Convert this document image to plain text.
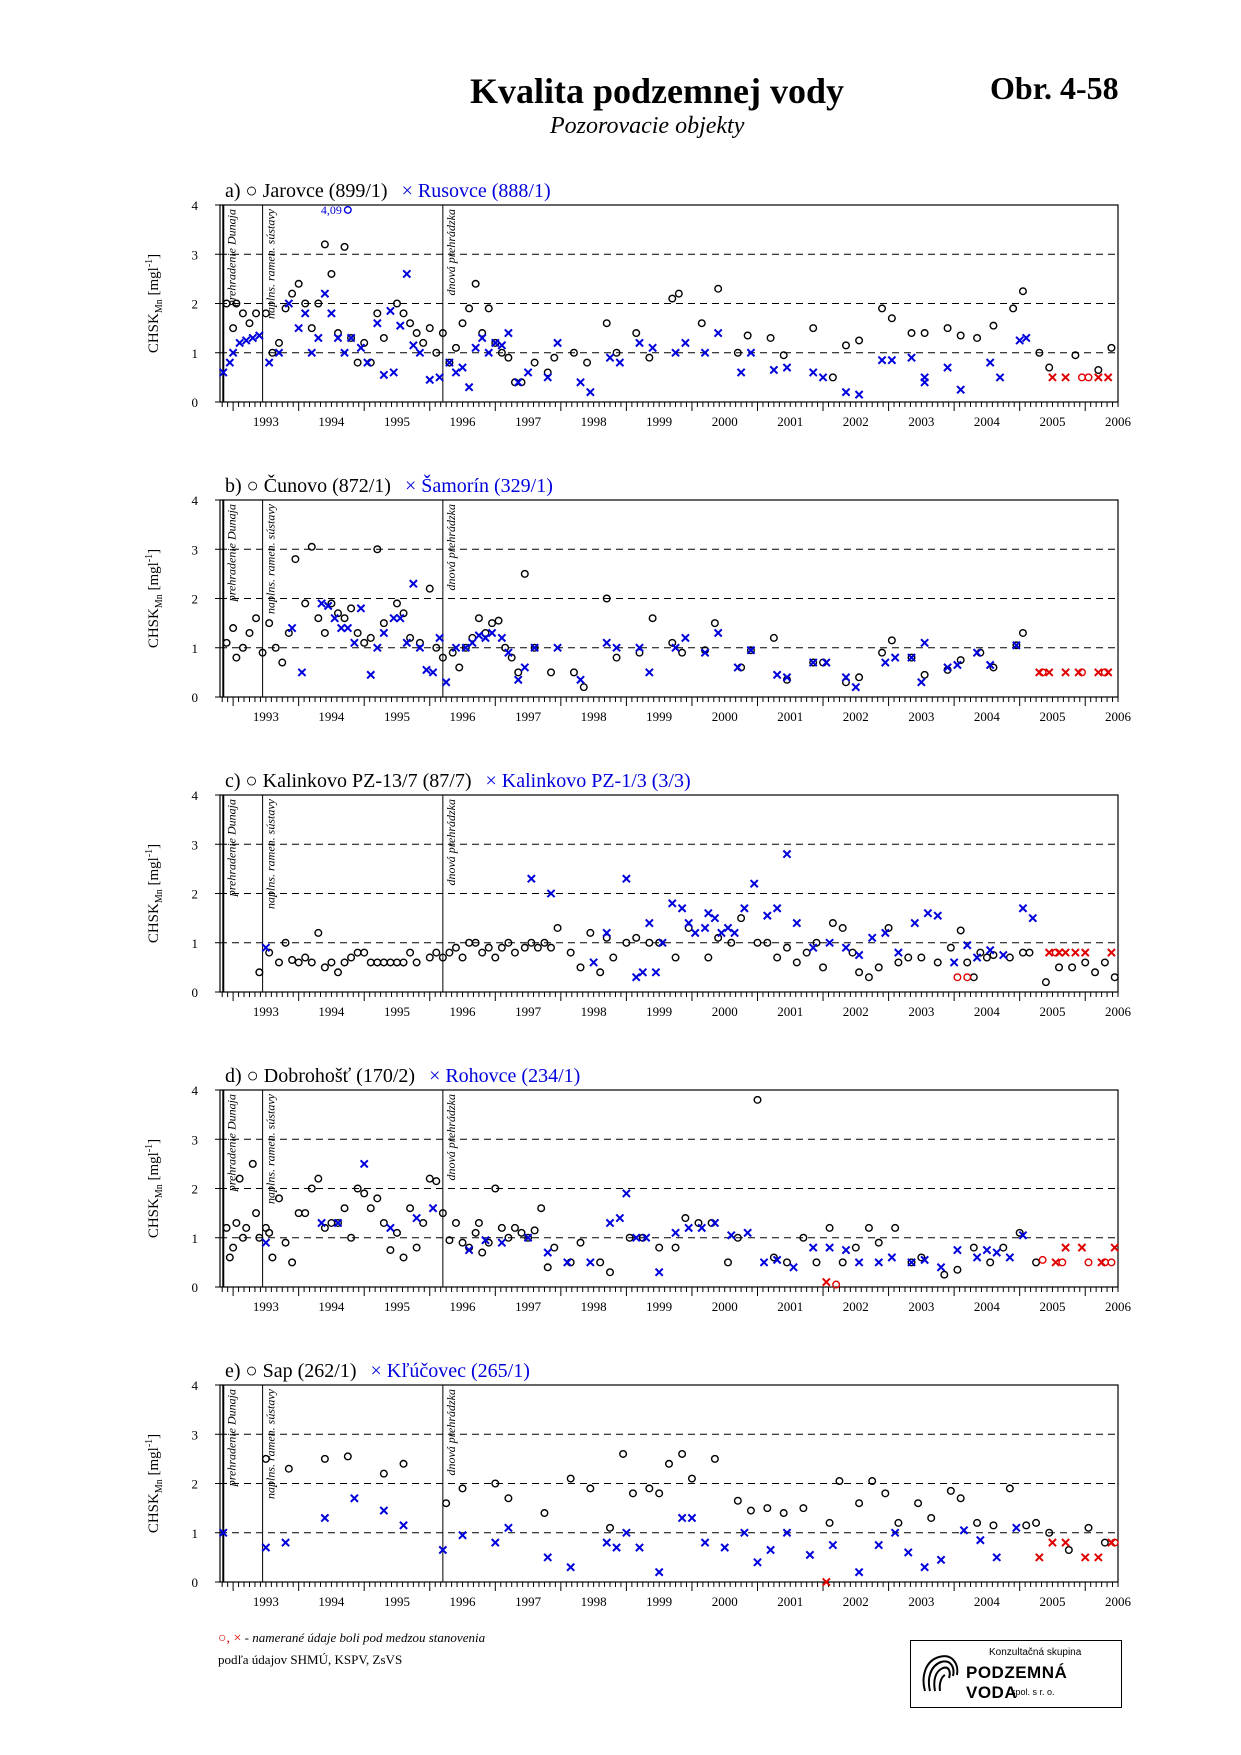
Kvalita podzemnej vody
Pozorovacie objekty
Obr. 4-58
a) ○ Jarovce (899/1) × Rusovce (888/1)
0
1
2
3
4
$CHSK_{Mn}$ [mgl$^{-1}$]
1993	1994	1995	1996	1997	1998	1999	2000	2001	2002	2003	2004	2005	2006
prehradenie Dunaja naplns. ramen. sústavy	dnová prehrádzka
4,09
b) ○ Čunovo (872/1) × Šamorín (329/1)
0
1
2
3
4
$CHSK_{Mn}$ [mgl$^{-1}$]
1993	1994	1995	1996	1997	1998	1999	2000	2001	2002	2003	2004	2005	2006
prehradenie Dunaja naplns. ramen. sústavy	dnová prehrádzka
c) ○ Kalinkovo PZ-13/7 (87/7) × Kalinkovo PZ-1/3 (3/3)
0
1
2
3
4
$CHSK_{Mn}$ [mgl$^{-1}$]
1993	1994	1995	1996	1997	1998	1999	2000	2001	2002	2003	2004	2005	2006
prehradenie Dunaja naplns. ramen. sústavy	dnová prehrádzka
d) ○ Dobrohošť (170/2) × Rohovce (234/1)
0
1
2
3
4
$CHSK_{Mn}$ [mgl$^{-1}$]
1993	1994	1995	1996	1997	1998	1999	2000	2001	2002	2003	2004	2005	2006
prehradenie Dunaja naplns. ramen. sústavy	dnová prehrádzka
e) ○ Sap (262/1) × Kľúčovec (265/1)
0
1
2
3
4
$CHSK_{Mn}$ [mgl$^{-1}$]
1993	1994	1995	1996	1997	1998	1999	2000	2001	2002	2003	2004	2005	2006
prehradenie Dunaja naplns. ramen. sústavy	dnová prehrádzka
○, × - namerané údaje boli pod medzou stanovenia
podľa údajov SHMÚ, KSPV, ZsVS	Konzultačná skupina
PODZEMNÁ VODA
spol. s r. o.
